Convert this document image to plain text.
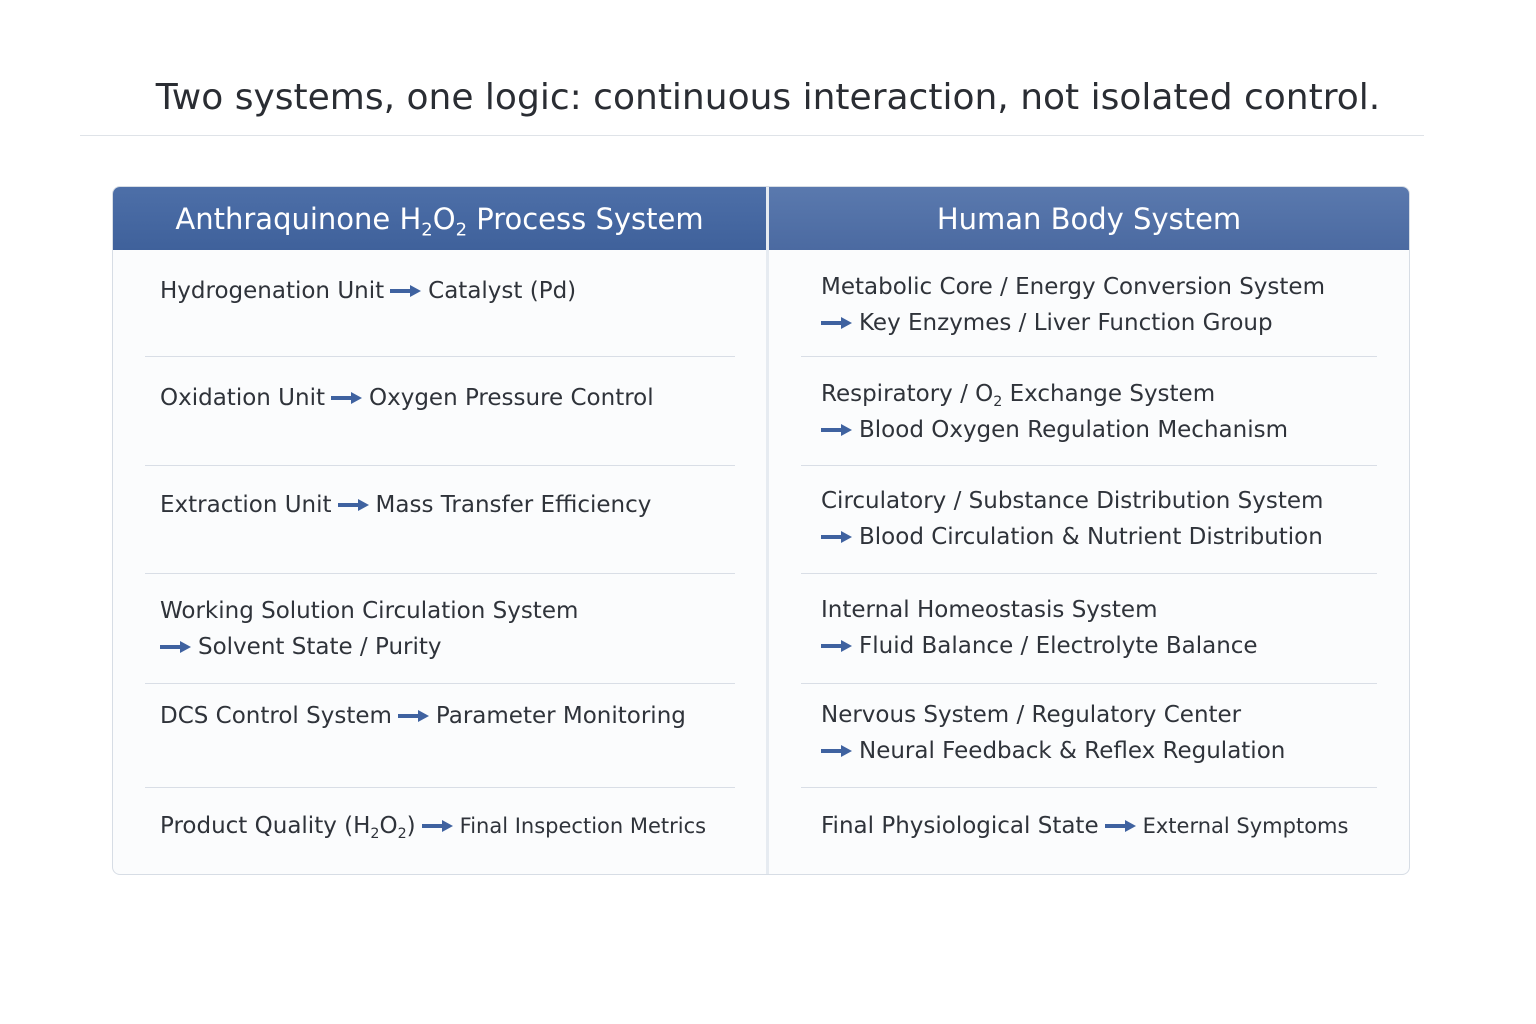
Two systems, one logic: continuous interaction, not isolated control.
Anthraquinone $H_2O_2$ Process System
Hydrogenation Unit Catalyst (Pd)
Oxidation Unit Oxygen Pressure Control
Extraction Unit Mass Transfer Efficiency
Working Solution Circulation System
Solvent State / Purity
DCS Control System Parameter Monitoring
Product Quality $(H_2O_2)$ Final Inspection Metrics
Human Body System
Metabolic Core / Energy Conversion System
Key Enzymes / Liver Function Group
Respiratory / $O_2$ Exchange System
Blood Oxygen Regulation Mechanism
Circulatory / Substance Distribution System
Blood Circulation & Nutrient Distribution
Internal Homeostasis System
Fluid Balance / Electrolyte Balance
Nervous System / Regulatory Center
Neural Feedback & Reflex Regulation
Final Physiological State External Symptoms
